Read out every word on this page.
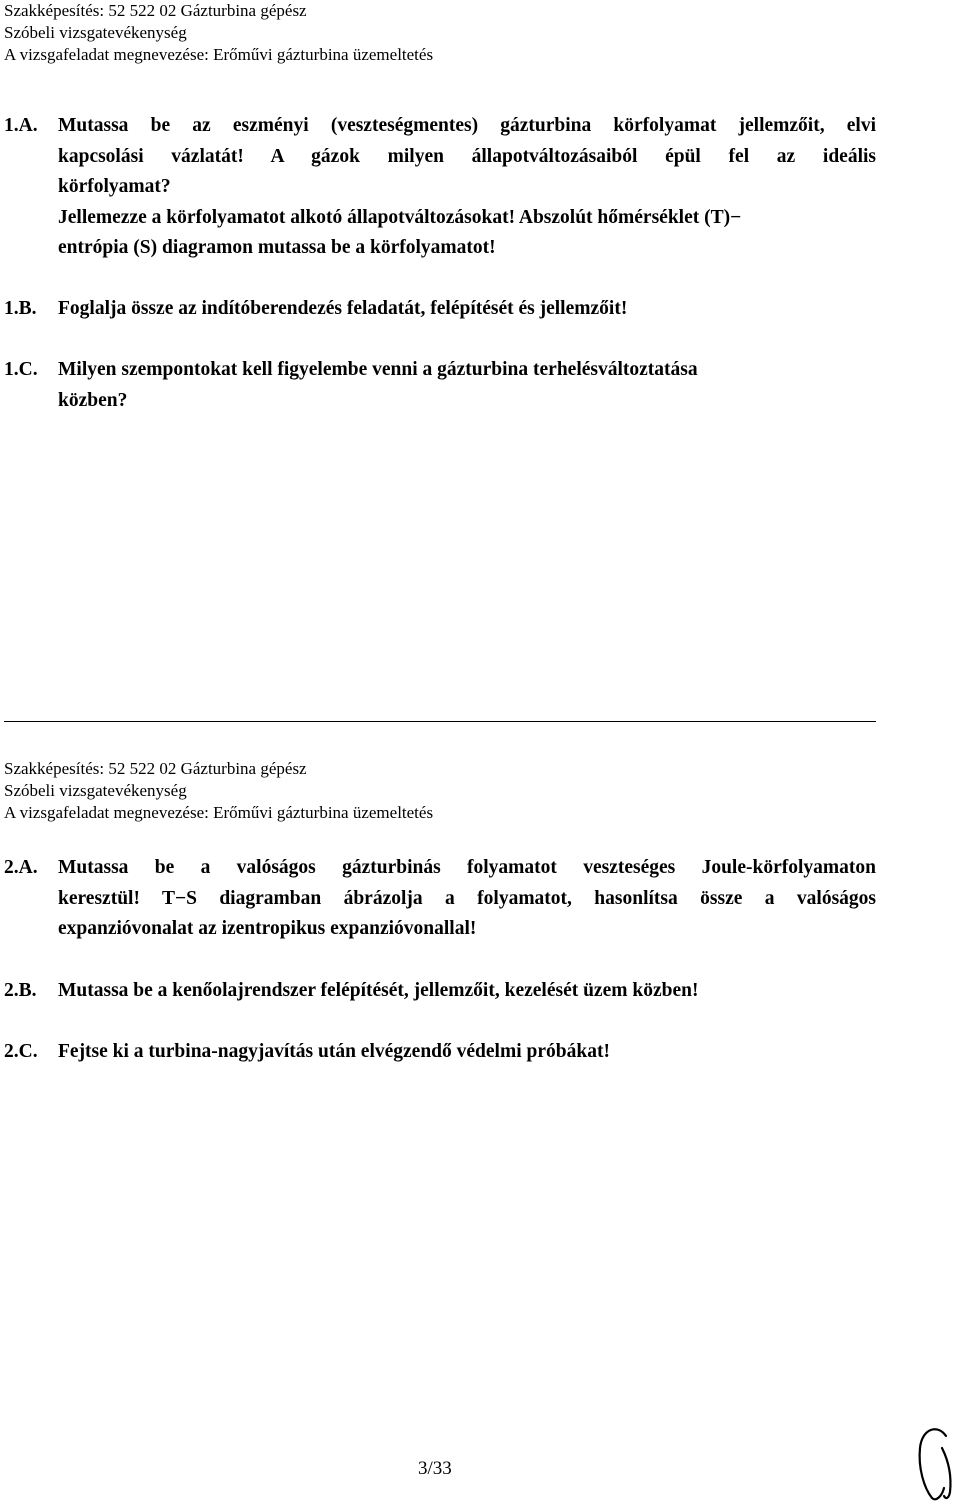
Szakképesítés: 52 522 02 Gázturbina gépész
Szóbeli vizsgatevékenység
A vizsgafeladat megnevezése: Erőművi gázturbina üzemeltetés
1.A. Mutassa be az eszményi (veszteségmentes) gázturbina körfolyamat jellemzőit, elvi
kapcsolási vázlatát! A gázok milyen állapotváltozásaiból épül fel az ideális
körfolyamat?
Jellemezze a körfolyamatot alkotó állapotváltozásokat! Abszolút hőmérséklet (T)−
entrópia (S) diagramon mutassa be a körfolyamatot!
1.B. Foglalja össze az indítóberendezés feladatát, felépítését és jellemzőit!
1.C. Milyen szempontokat kell figyelembe venni a gázturbina terhelésváltoztatása
közben?
Szakképesítés: 52 522 02 Gázturbina gépész
Szóbeli vizsgatevékenység
A vizsgafeladat megnevezése: Erőművi gázturbina üzemeltetés
2.A. Mutassa be a valóságos gázturbinás folyamatot veszteséges Joule-körfolyamaton
keresztül! T−S diagramban ábrázolja a folyamatot, hasonlítsa össze a valóságos
expanzióvonalat az izentropikus expanzióvonallal!
2.B. Mutassa be a kenőolajrendszer felépítését, jellemzőit, kezelését üzem közben!
2.C. Fejtse ki a turbina-nagyjavítás után elvégzendő védelmi próbákat!
3/33
